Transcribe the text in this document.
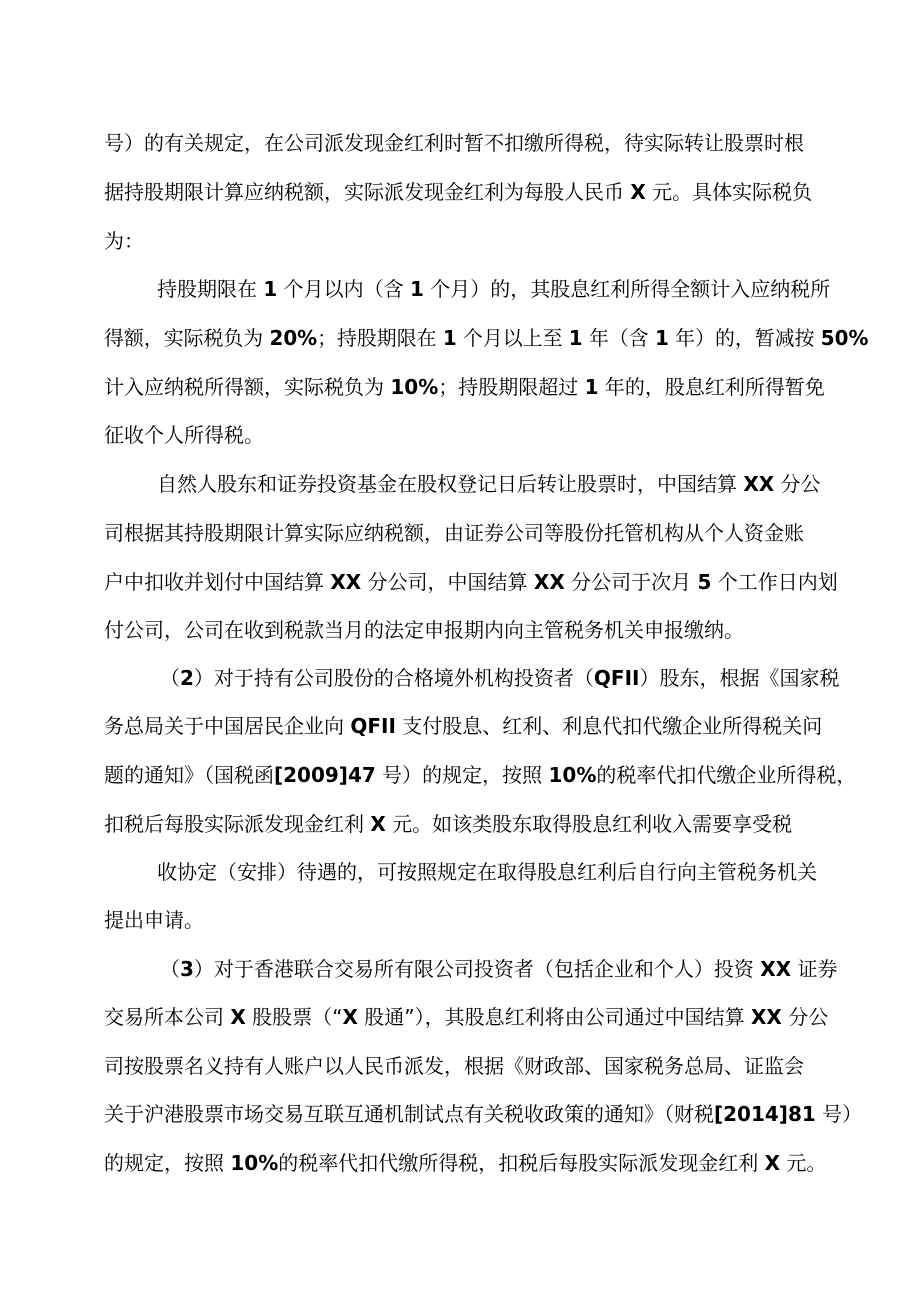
号）的有关规定，在公司派发现金红利时暂不扣缴所得税，待实际转让股票时根
据持股期限计算应纳税额，实际派发现金红利为每股人民币 X 元。具体实际税负
为：
持股期限在 1 个月以内（含 1 个月）的，其股息红利所得全额计入应纳税所
得额，实际税负为 20%；持股期限在 1 个月以上至 1 年（含 1 年）的，暂减按 50%
计入应纳税所得额，实际税负为 10%；持股期限超过 1 年的，股息红利所得暂免
征收个人所得税。
自然人股东和证券投资基金在股权登记日后转让股票时，中国结算 XX 分公
司根据其持股期限计算实际应纳税额，由证券公司等股份托管机构从个人资金账
户中扣收并划付中国结算 XX 分公司，中国结算 XX 分公司于次月 5 个工作日内划
付公司，公司在收到税款当月的法定申报期内向主管税务机关申报缴纳。
（2）对于持有公司股份的合格境外机构投资者（QFII）股东，根据《国家税
务总局关于中国居民企业向 QFII 支付股息、红利、利息代扣代缴企业所得税关问
题的通知》（国税函[2009]47 号）的规定，按照 10%的税率代扣代缴企业所得税，
扣税后每股实际派发现金红利 X 元。如该类股东取得股息红利收入需要享受税
收协定（安排）待遇的，可按照规定在取得股息红利后自行向主管税务机关
提出申请。
（3）对于香港联合交易所有限公司投资者（包括企业和个人）投资 XX 证券
交易所本公司 X 股股票（“X 股通”），其股息红利将由公司通过中国结算 XX 分公
司按股票名义持有人账户以人民币派发，根据《财政部、国家税务总局、证监会
关于沪港股票市场交易互联互通机制试点有关税收政策的通知》（财税[2014]81 号）
的规定，按照 10%的税率代扣代缴所得税，扣税后每股实际派发现金红利 X 元。
